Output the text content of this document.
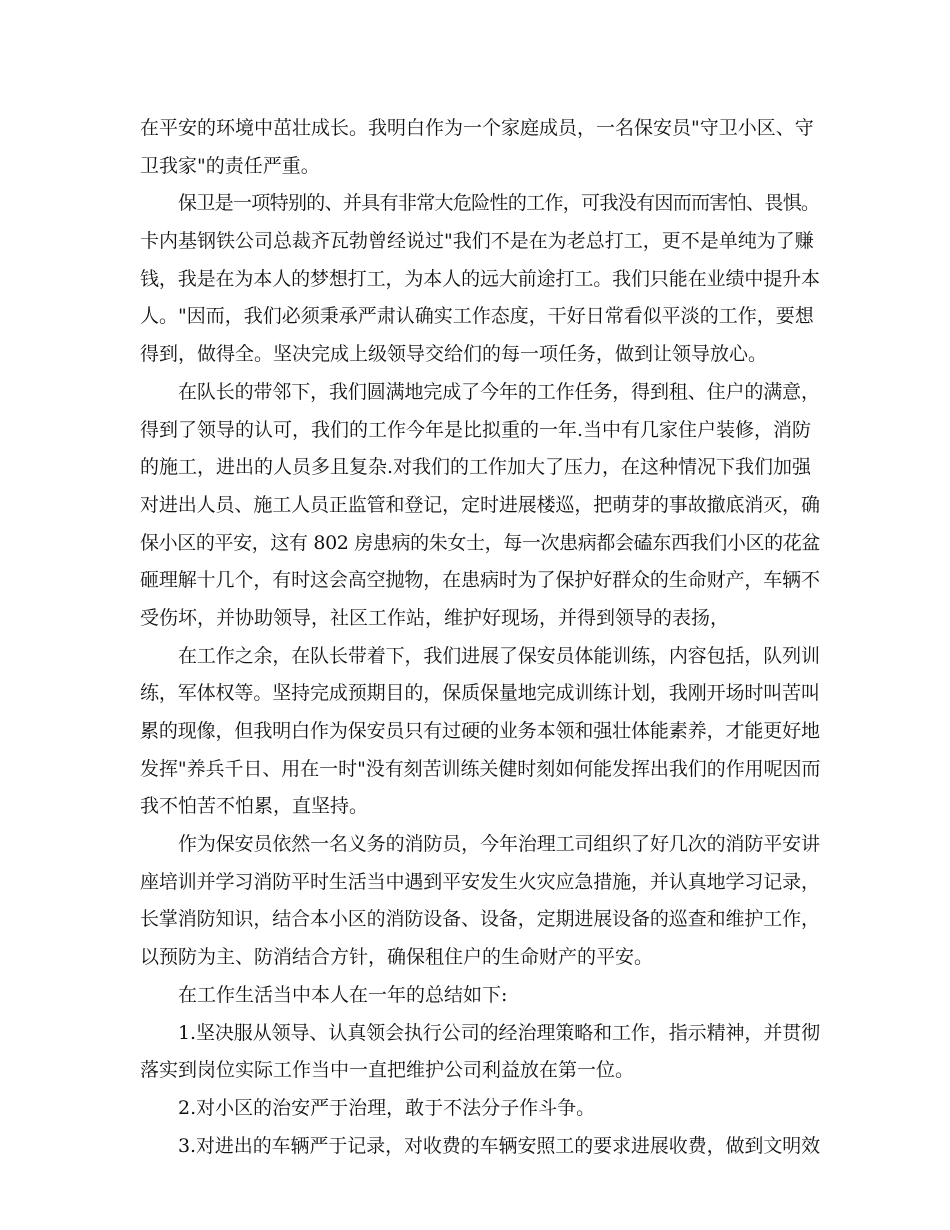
在平安的环境中茁壮成长。我明白作为一个家庭成员，一名保安员"守卫小区、守
卫我家"的责任严重。
保卫是一项特别的、并具有非常大危险性的工作，可我没有因而而害怕、畏惧。
卡内基钢铁公司总裁齐瓦勃曾经说过"我们不是在为老总打工，更不是单纯为了赚
钱，我是在为本人的梦想打工，为本人的远大前途打工。我们只能在业绩中提升本
人。"因而，我们必须秉承严肃认确实工作态度，干好日常看似平淡的工作，要想
得到，做得全。坚决完成上级领导交给们的每一项任务，做到让领导放心。
在队长的带邻下，我们圆满地完成了今年的工作任务，得到租、住户的满意，
得到了领导的认可，我们的工作今年是比拟重的一年.当中有几家住户装修，消防
的施工，进出的人员多且复杂.对我们的工作加大了压力，在这种情况下我们加强
对进出人员、施工人员正监管和登记，定时进展楼巡，把萌芽的事故撤底消灭，确
保小区的平安，这有 802 房患病的朱女士，每一次患病都会磕东西我们小区的花盆
砸理解十几个，有时这会高空抛物，在患病时为了保护好群众的生命财产，车辆不
受伤坏，并协助领导，社区工作站，维护好现场，并得到领导的表扬，
在工作之余，在队长带着下，我们进展了保安员体能训练，内容包括，队列训
练，军体权等。坚持完成预期目的，保质保量地完成训练计划，我刚开场时叫苦叫
累的现像，但我明白作为保安员只有过硬的业务本领和强壮体能素养，才能更好地
发挥"养兵千日、用在一时"没有刻苦训练关健时刻如何能发挥出我们的作用呢因而
我不怕苦不怕累，直坚持。
作为保安员依然一名义务的消防员，今年治理工司组织了好几次的消防平安讲
座培训并学习消防平时生活当中遇到平安发生火灾应急措施，并认真地学习记录，
长掌消防知识，结合本小区的消防设备、设备，定期进展设备的巡查和维护工作，
以预防为主、防消结合方针，确保租住户的生命财产的平安。
在工作生活当中本人在一年的总结如下:
1.坚决服从领导、认真领会执行公司的经治理策略和工作，指示精神，并贯彻
落实到岗位实际工作当中一直把维护公司利益放在第一位。
2.对小区的治安严于治理，敢于不法分子作斗争。
3.对进出的车辆严于记录，对收费的车辆安照工的要求进展收费，做到文明效
